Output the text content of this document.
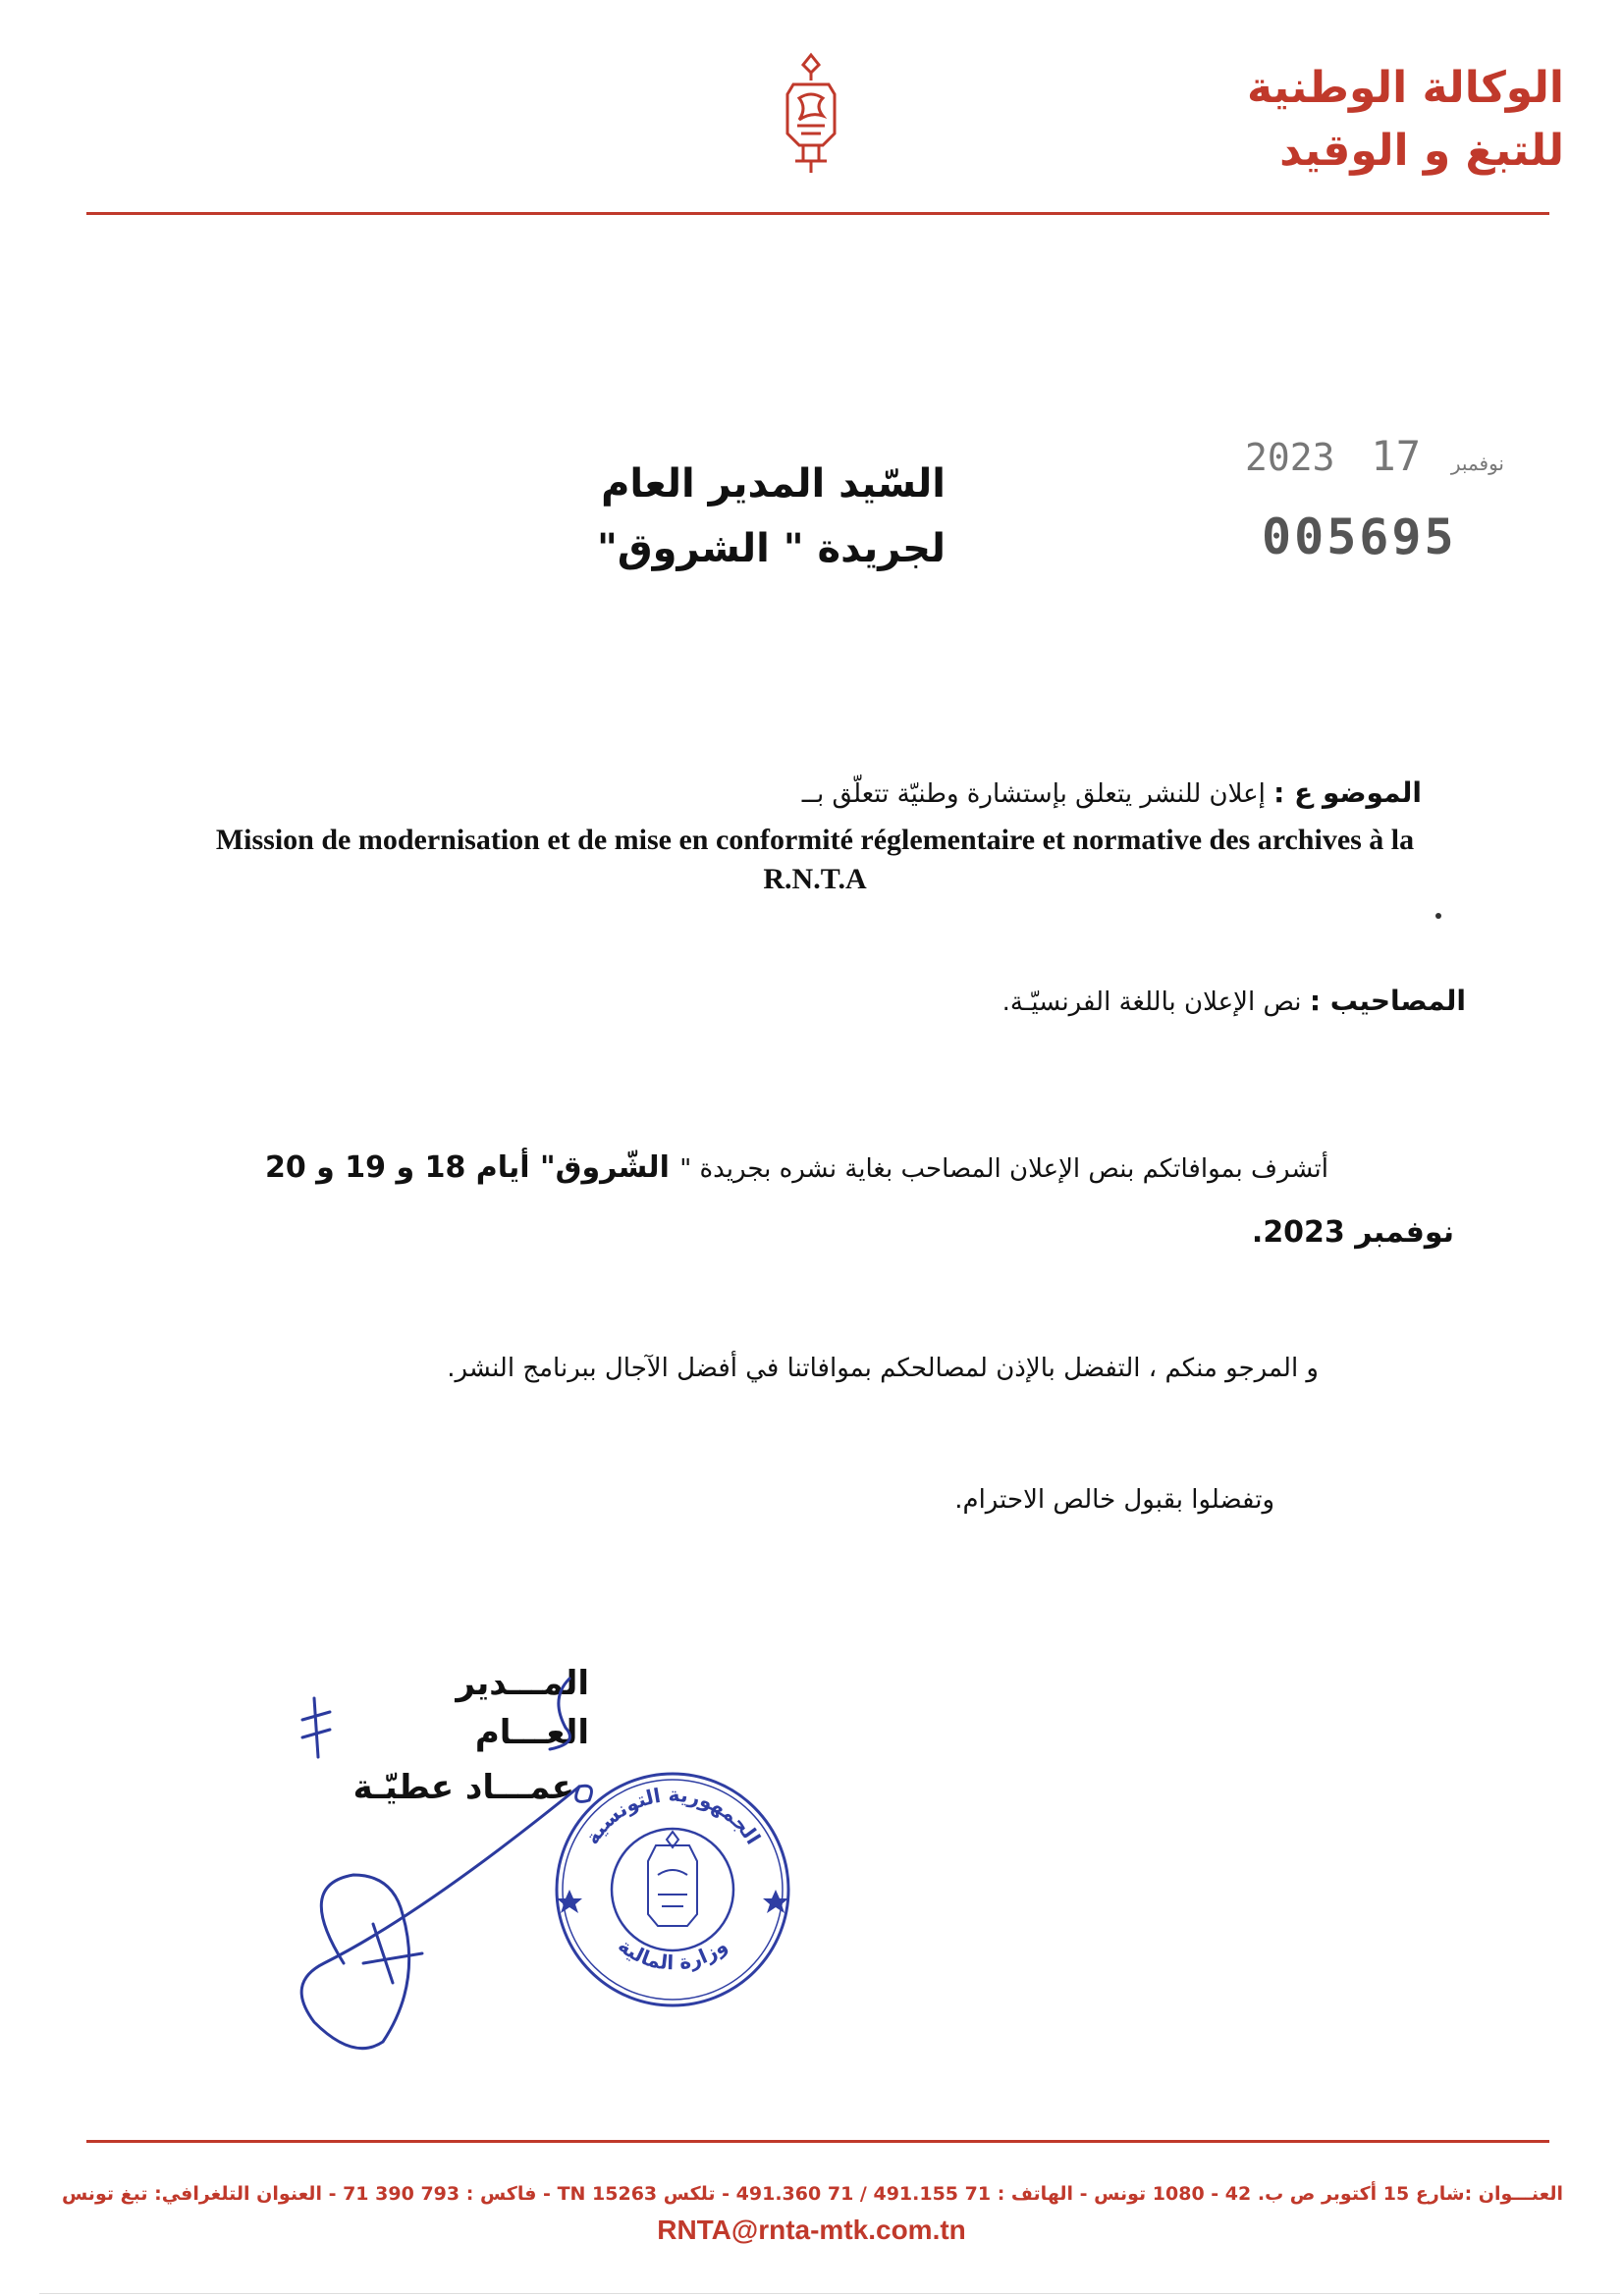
الوكالة الوطنية
للتبغ و الوقيد
2023	نوفمبر 17
005695
السّيد المدير العام
لجريدة " الشروق"
الموضو ع : إعلان للنشر يتعلق بإستشارة وطنيّة تتعلّق بــ
Mission de modernisation et de mise en conformité réglementaire et normative des archives à la R.N.T.A
المصاحيب : نص الإعلان باللغة الفرنسيّـة.
أتشرف بموافاتكم بنص الإعلان المصاحب بغاية نشره بجريدة " الشّروق" أيام 18 و 19 و 20
نوفمبر 2023.
و المرجو منكم ، التفضل بالإذن لمصالحكم بموافاتنا في أفضل الآجال ببرنامج النشر.
وتفضلوا بقبول خالص الاحترام.
المـــدير العـــام
عمـــاد عطيّـة
الجمهورية التونسية
وزارة المالية
العنـــوان :شارع 15 أكتوبر ص ب. 42 - 1080 تونس - الهاتف : 71 491.155 / 71 491.360 - تلكس TN 15263 - فاكس : 793 390 71 - العنوان التلغرافي: تبغ تونس
RNTA@rnta-mtk.com.tn
